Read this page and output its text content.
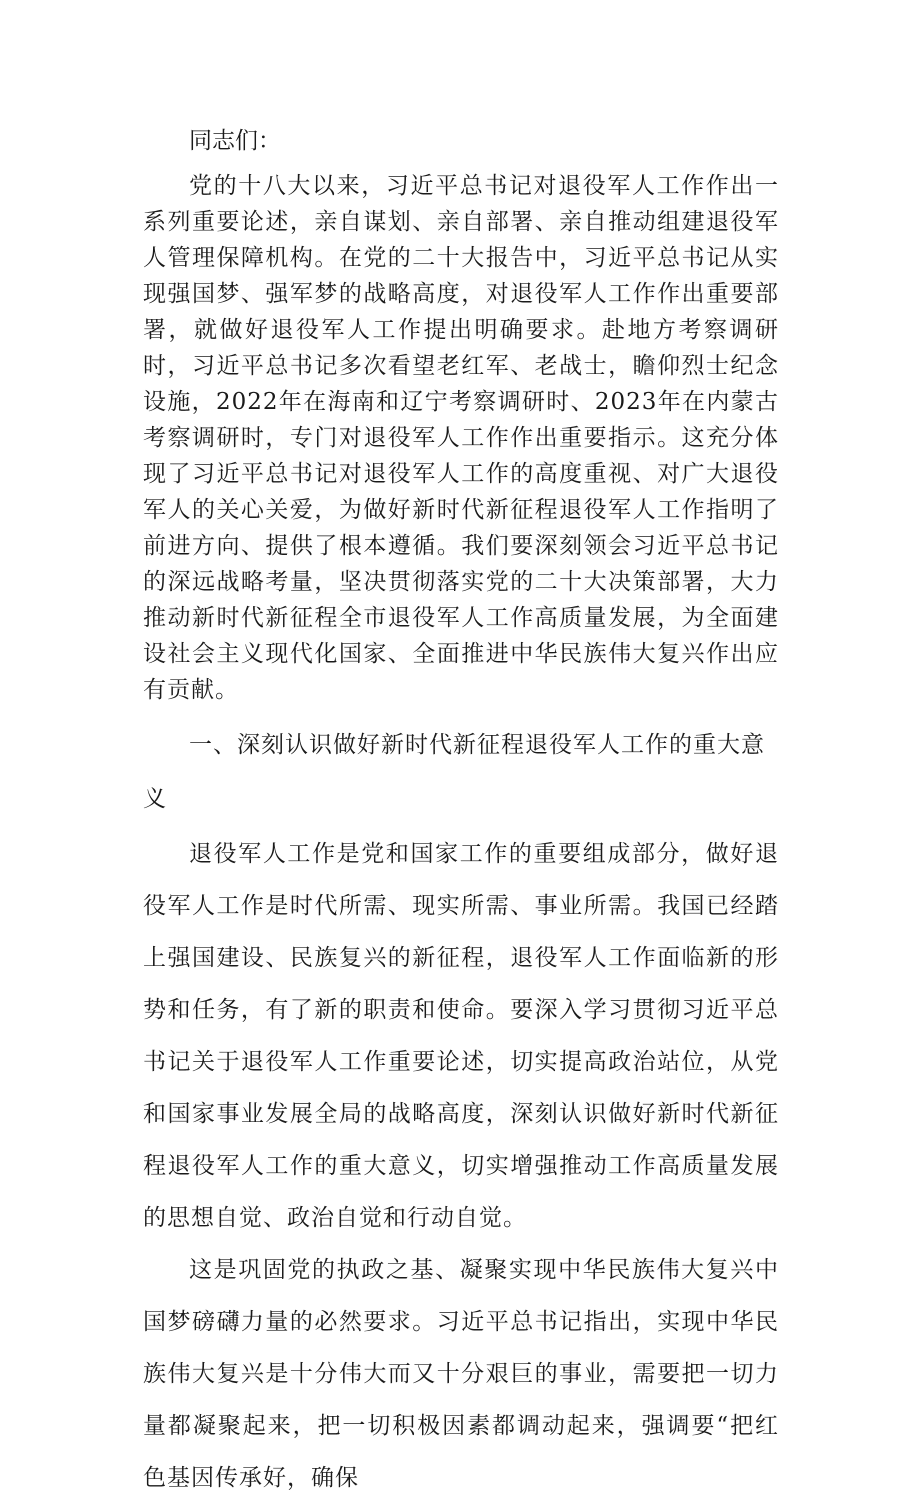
同志们：

党的十八大以来，习近平总书记对退役军人工作作出一系列重要论述，亲自谋划、亲自部署、亲自推动组建退役军人管理保障机构。在党的二十大报告中，习近平总书记从实现强国梦、强军梦的战略高度，对退役军人工作作出重要部署，就做好退役军人工作提出明确要求。赴地方考察调研时，习近平总书记多次看望老红军、老战士，瞻仰烈士纪念设施，2022年在海南和辽宁考察调研时、2023年在内蒙古考察调研时，专门对退役军人工作作出重要指示。这充分体现了习近平总书记对退役军人工作的高度重视、对广大退役军人的关心关爱，为做好新时代新征程退役军人工作指明了前进方向、提供了根本遵循。我们要深刻领会习近平总书记的深远战略考量，坚决贯彻落实党的二十大决策部署，大力推动新时代新征程全市退役军人工作高质量发展，为全面建设社会主义现代化国家、全面推进中华民族伟大复兴作出应有贡献。

一、深刻认识做好新时代新征程退役军人工作的重大意义

退役军人工作是党和国家工作的重要组成部分，做好退役军人工作是时代所需、现实所需、事业所需。我国已经踏上强国建设、民族复兴的新征程，退役军人工作面临新的形势和任务，有了新的职责和使命。要深入学习贯彻习近平总书记关于退役军人工作重要论述，切实提高政治站位，从党和国家事业发展全局的战略高度，深刻认识做好新时代新征程退役军人工作的重大意义，切实增强推动工作高质量发展的思想自觉、政治自觉和行动自觉。

这是巩固党的执政之基、凝聚实现中华民族伟大复兴中国梦磅礴力量的必然要求。习近平总书记指出，实现中华民族伟大复兴是十分伟大而又十分艰巨的事业，需要把一切力量都凝聚起来，把一切积极因素都调动起来，强调要“把红色基因传承好，确保
